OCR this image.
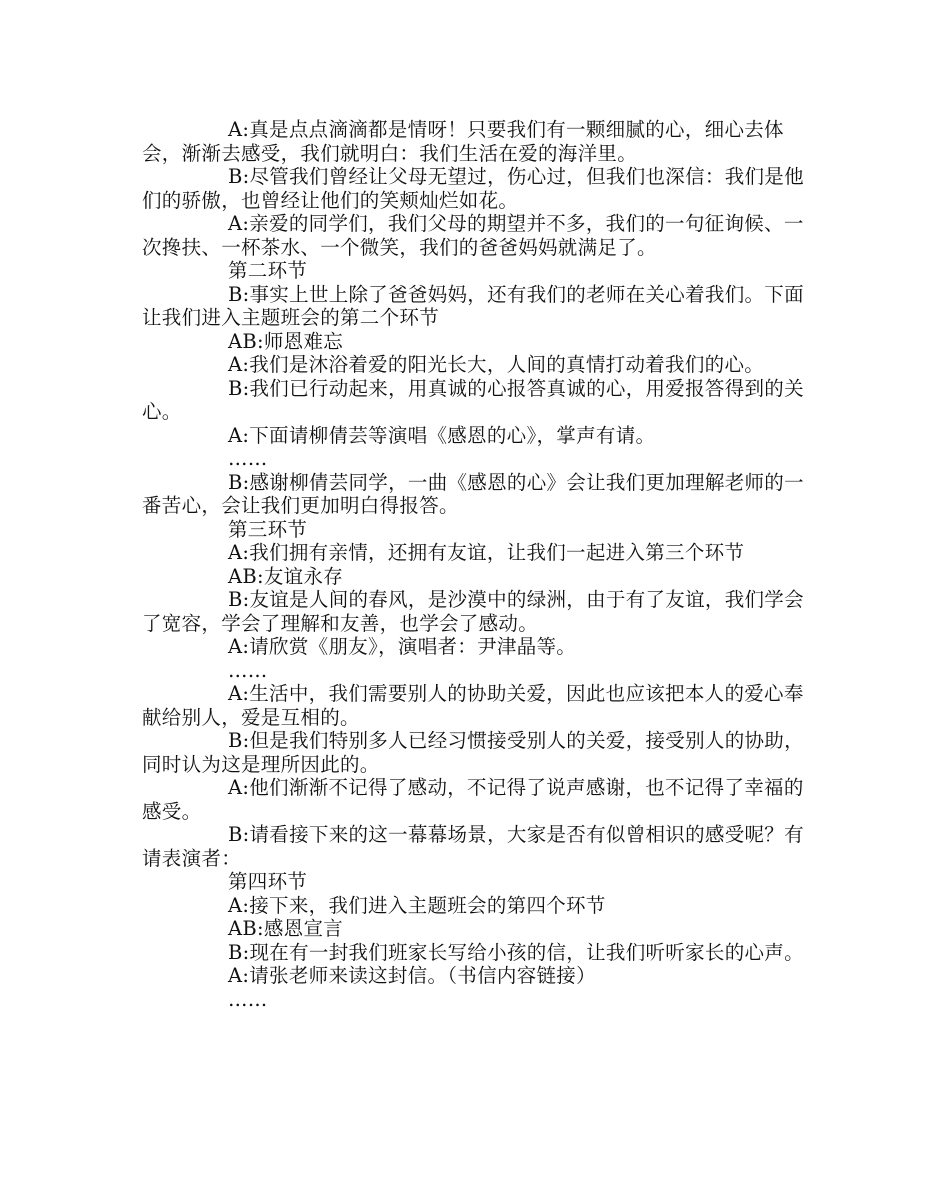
A:真是点点滴滴都是情呀！只要我们有一颗细腻的心，细心去体会，渐渐去感受，我们就明白：我们生活在爱的海洋里。

B:尽管我们曾经让父母无望过，伤心过，但我们也深信：我们是他们的骄傲，也曾经让他们的笑颊灿烂如花。

A:亲爱的同学们，我们父母的期望并不多，我们的一句征询候、一次搀扶、一杯茶水、一个微笑，我们的爸爸妈妈就满足了。

第二环节

B:事实上世上除了爸爸妈妈，还有我们的老师在关心着我们。下面让我们进入主题班会的第二个环节

AB:师恩难忘

A:我们是沐浴着爱的阳光长大，人间的真情打动着我们的心。

B:我们已行动起来，用真诚的心报答真诚的心，用爱报答得到的关心。

A:下面请柳倩芸等演唱《感恩的心》，掌声有请。

……

B:感谢柳倩芸同学，一曲《感恩的心》会让我们更加理解老师的一番苦心，会让我们更加明白得报答。

第三环节

A:我们拥有亲情，还拥有友谊，让我们一起进入第三个环节

AB:友谊永存

B:友谊是人间的春风，是沙漠中的绿洲，由于有了友谊，我们学会了宽容，学会了理解和友善，也学会了感动。

A:请欣赏《朋友》，演唱者：尹津晶等。

……

A:生活中，我们需要别人的协助关爱，因此也应该把本人的爱心奉献给别人，爱是互相的。

B:但是我们特别多人已经习惯接受别人的关爱，接受别人的协助，同时认为这是理所因此的。

A:他们渐渐不记得了感动，不记得了说声感谢，也不记得了幸福的感受。

B:请看接下来的这一幕幕场景，大家是否有似曾相识的感受呢？有请表演者：

第四环节

A:接下来，我们进入主题班会的第四个环节

AB:感恩宣言

B:现在有一封我们班家长写给小孩的信，让我们听听家长的心声。

A:请张老师来读这封信。（书信内容链接）

……
